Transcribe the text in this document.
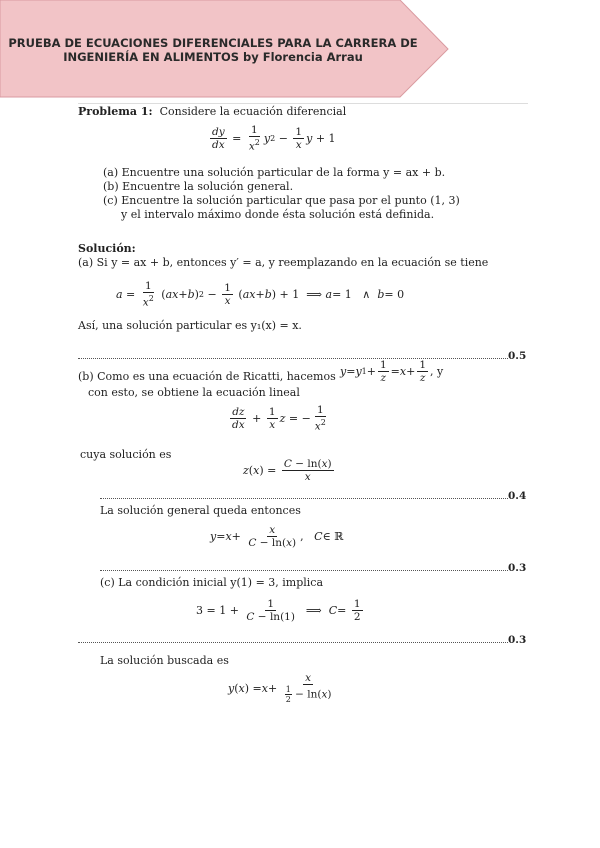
PRUEBA DE ECUACIONES DIFERENCIALES PARA LA CARRERA DE
INGENIERÍA EN ALIMENTOS by Florencia Arrau
Problema 1: Considere la ecuación diferencial
$\frac{dy}{dx} = \frac{1}{x^2}$ y $2 - \frac{1}{x}$ y + 1
(a) Encuentre una solución particular de la forma y = ax + b.
(b) Encuentre la solución general.
(c) Encuentre la solución particular que pasa por el punto (1, 3)
y el intervalo máximo donde ésta solución está definida.
Solución:
(a) Si y = ax + b, entonces y′ = a, y reemplazando en la ecuación se tiene
$a = \frac{1}{x^2}$ ( ax + b ) $2 - \frac{1}{x}$ ( ax + b ) + 1  ⟹ a = 1   ∧ b = 0
Así, una solución particular es y₁(x) = x.
0.5
(b) Como es una ecuación de Ricatti, hacemos y = y $1 + \frac{1}{z} = x + \frac{1}{z}$ , y
con esto, se obtiene la ecuación lineal
$\frac{dz}{dx} + \frac{1}{x}$ z = − $\frac{1}{x^2}$
cuya solución es
z ( x ) = $\frac{C - \ln(x)}{x}$
0.4
La solución general queda entonces
$y = x + \frac{x}{C - \ln(x)}$ , C ∈ ℝ
0.3
(c) La condición inicial y(1) = 3, implica
$3 = 1 + \frac{1}{C - \ln(1)}$ ⟹ $C = \frac{1}{2}$
0.3
La solución buscada es
y ( x ) = $x + \frac{x}{\frac{1}{2} - \ln(x)}$
